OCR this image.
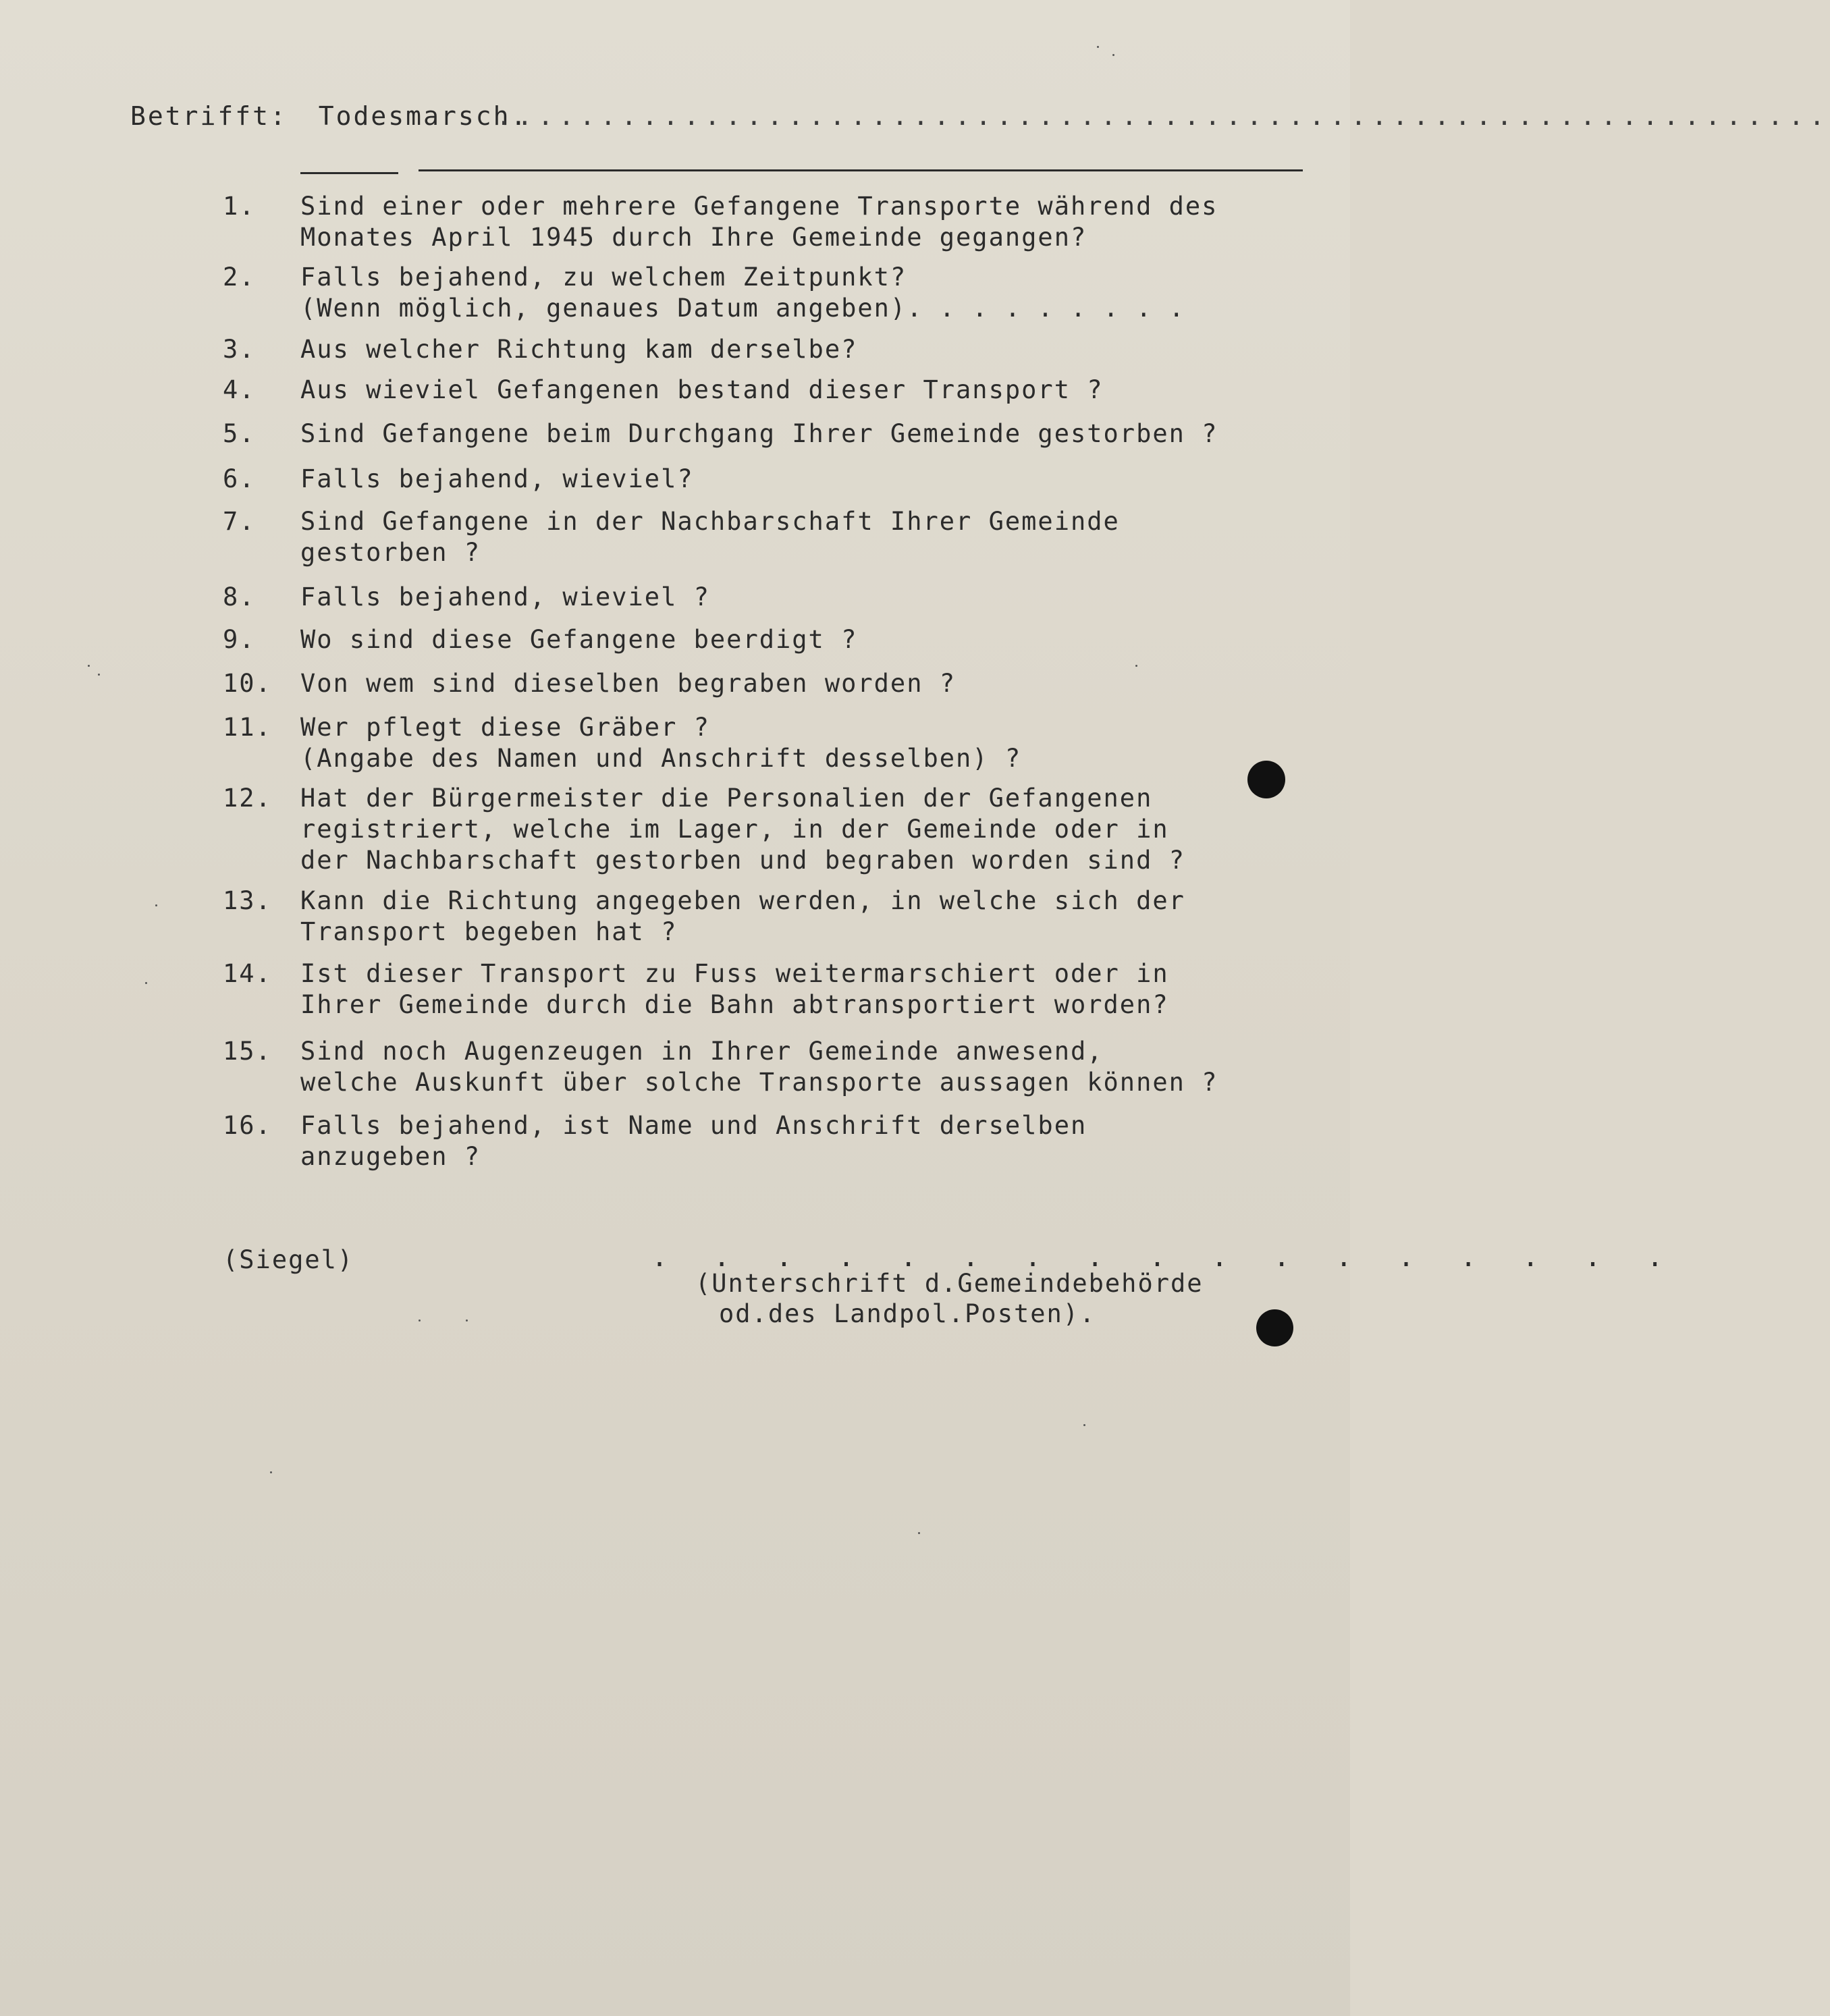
Betrifft: Todesmarsch.
................................................................
1.	Sind einer oder mehrere Gefangene Transporte während des
Monates April 1945 durch Ihre Gemeinde gegangen?
2.	Falls bejahend, zu welchem Zeitpunkt?
(Wenn möglich, genaues Datum angeben). . . . . . . . .
3.	Aus welcher Richtung kam derselbe?
4.	Aus wieviel Gefangenen bestand dieser Transport ?
5.	Sind Gefangene beim Durchgang Ihrer Gemeinde gestorben ?
6.	Falls bejahend, wieviel?
7.	Sind Gefangene in der Nachbarschaft Ihrer Gemeinde
gestorben ?
8.	Falls bejahend, wieviel ?
9.	Wo sind diese Gefangene beerdigt ?
10.	Von wem sind dieselben begraben worden ?
11.	Wer pflegt diese Gräber ?
(Angabe des Namen und Anschrift desselben) ?
12.	Hat der Bürgermeister die Personalien der Gefangenen
registriert, welche im Lager, in der Gemeinde oder in
der Nachbarschaft gestorben und begraben worden sind ?
13.	Kann die Richtung angegeben werden, in welche sich der
Transport begeben hat ?
14.	Ist dieser Transport zu Fuss weitermarschiert oder in
Ihrer Gemeinde durch die Bahn abtransportiert worden?
15.	Sind noch Augenzeugen in Ihrer Gemeinde anwesend,
welche Auskunft über solche Transporte aussagen können ?
16.	Falls bejahend, ist Name und Anschrift derselben
anzugeben ?
(Siegel)	. . . . . . . . . . . . . . . . .
(Unterschrift d.Gemeindebehörde
od.des Landpol.Posten).
